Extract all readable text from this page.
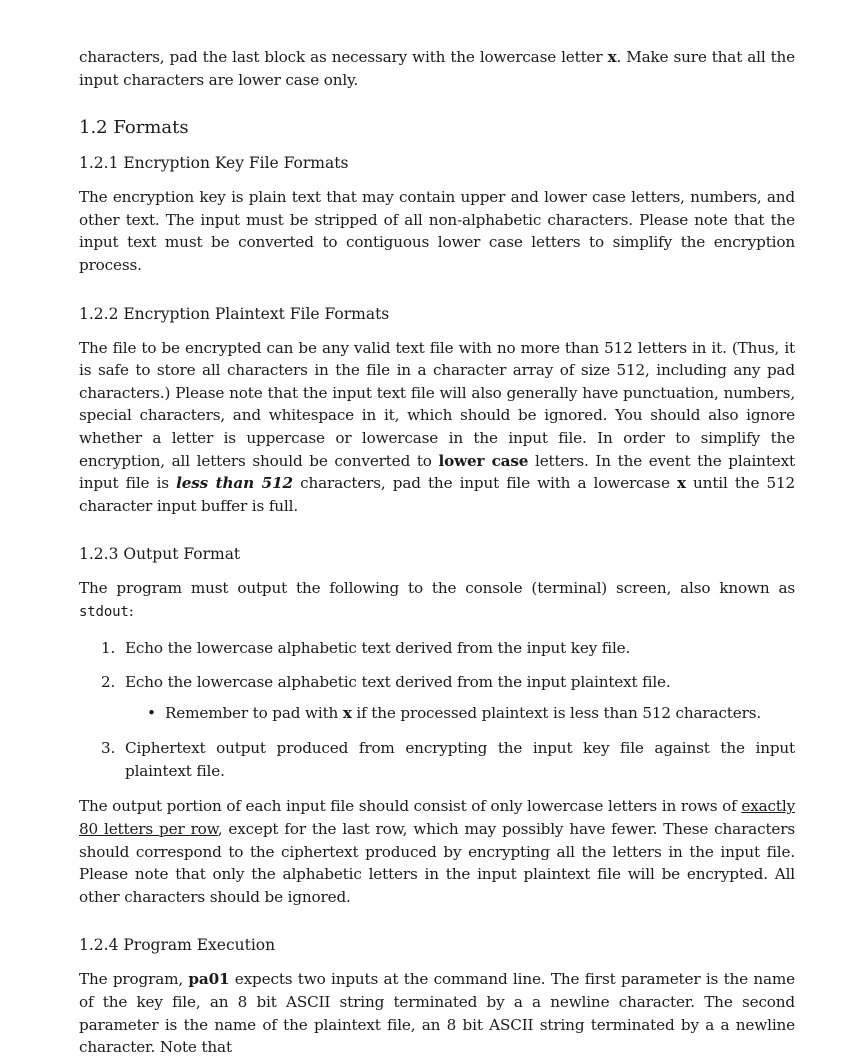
characters, pad the last block as necessary with the lowercase letter x. Make sure that all the input characters are lower case only.

1.2 Formats
1.2.1 Encryption Key File Formats

The encryption key is plain text that may contain upper and lower case letters, numbers, and other text. The input must be stripped of all non-alphabetic characters. Please note that the input text must be converted to contiguous lower case letters to simplify the encryption process.

1.2.2 Encryption Plaintext File Formats

The file to be encrypted can be any valid text file with no more than 512 letters in it. (Thus, it is safe to store all characters in the file in a character array of size 512, including any pad characters.) Please note that the input text file will also generally have punctuation, numbers, special characters, and whitespace in it, which should be ignored. You should also ignore whether a letter is uppercase or lowercase in the input file. In order to simplify the encryption, all letters should be converted to lower case letters. In the event the plaintext input file is less than 512 characters, pad the input file with a lowercase x until the 512 character input buffer is full.

1.2.3 Output Format

The program must output the following to the console (terminal) screen, also known as stdout:

1. Echo the lowercase alphabetic text derived from the input key file.
2. Echo the lowercase alphabetic text derived from the input plaintext file.
• Remember to pad with x if the processed plaintext is less than 512 characters.
3. Ciphertext output produced from encrypting the input key file against the input plaintext file.

The output portion of each input file should consist of only lowercase letters in rows of exactly 80 letters per row, except for the last row, which may possibly have fewer. These characters should correspond to the ciphertext produced by encrypting all the letters in the input file. Please note that only the alphabetic letters in the input plaintext file will be encrypted. All other characters should be ignored.

1.2.4 Program Execution

The program, pa01 expects two inputs at the command line. The first parameter is the name of the key file, an 8 bit ASCII string terminated by a a newline character. The second parameter is the name of the plaintext file, an 8 bit ASCII string terminated by a a newline character. Note that
